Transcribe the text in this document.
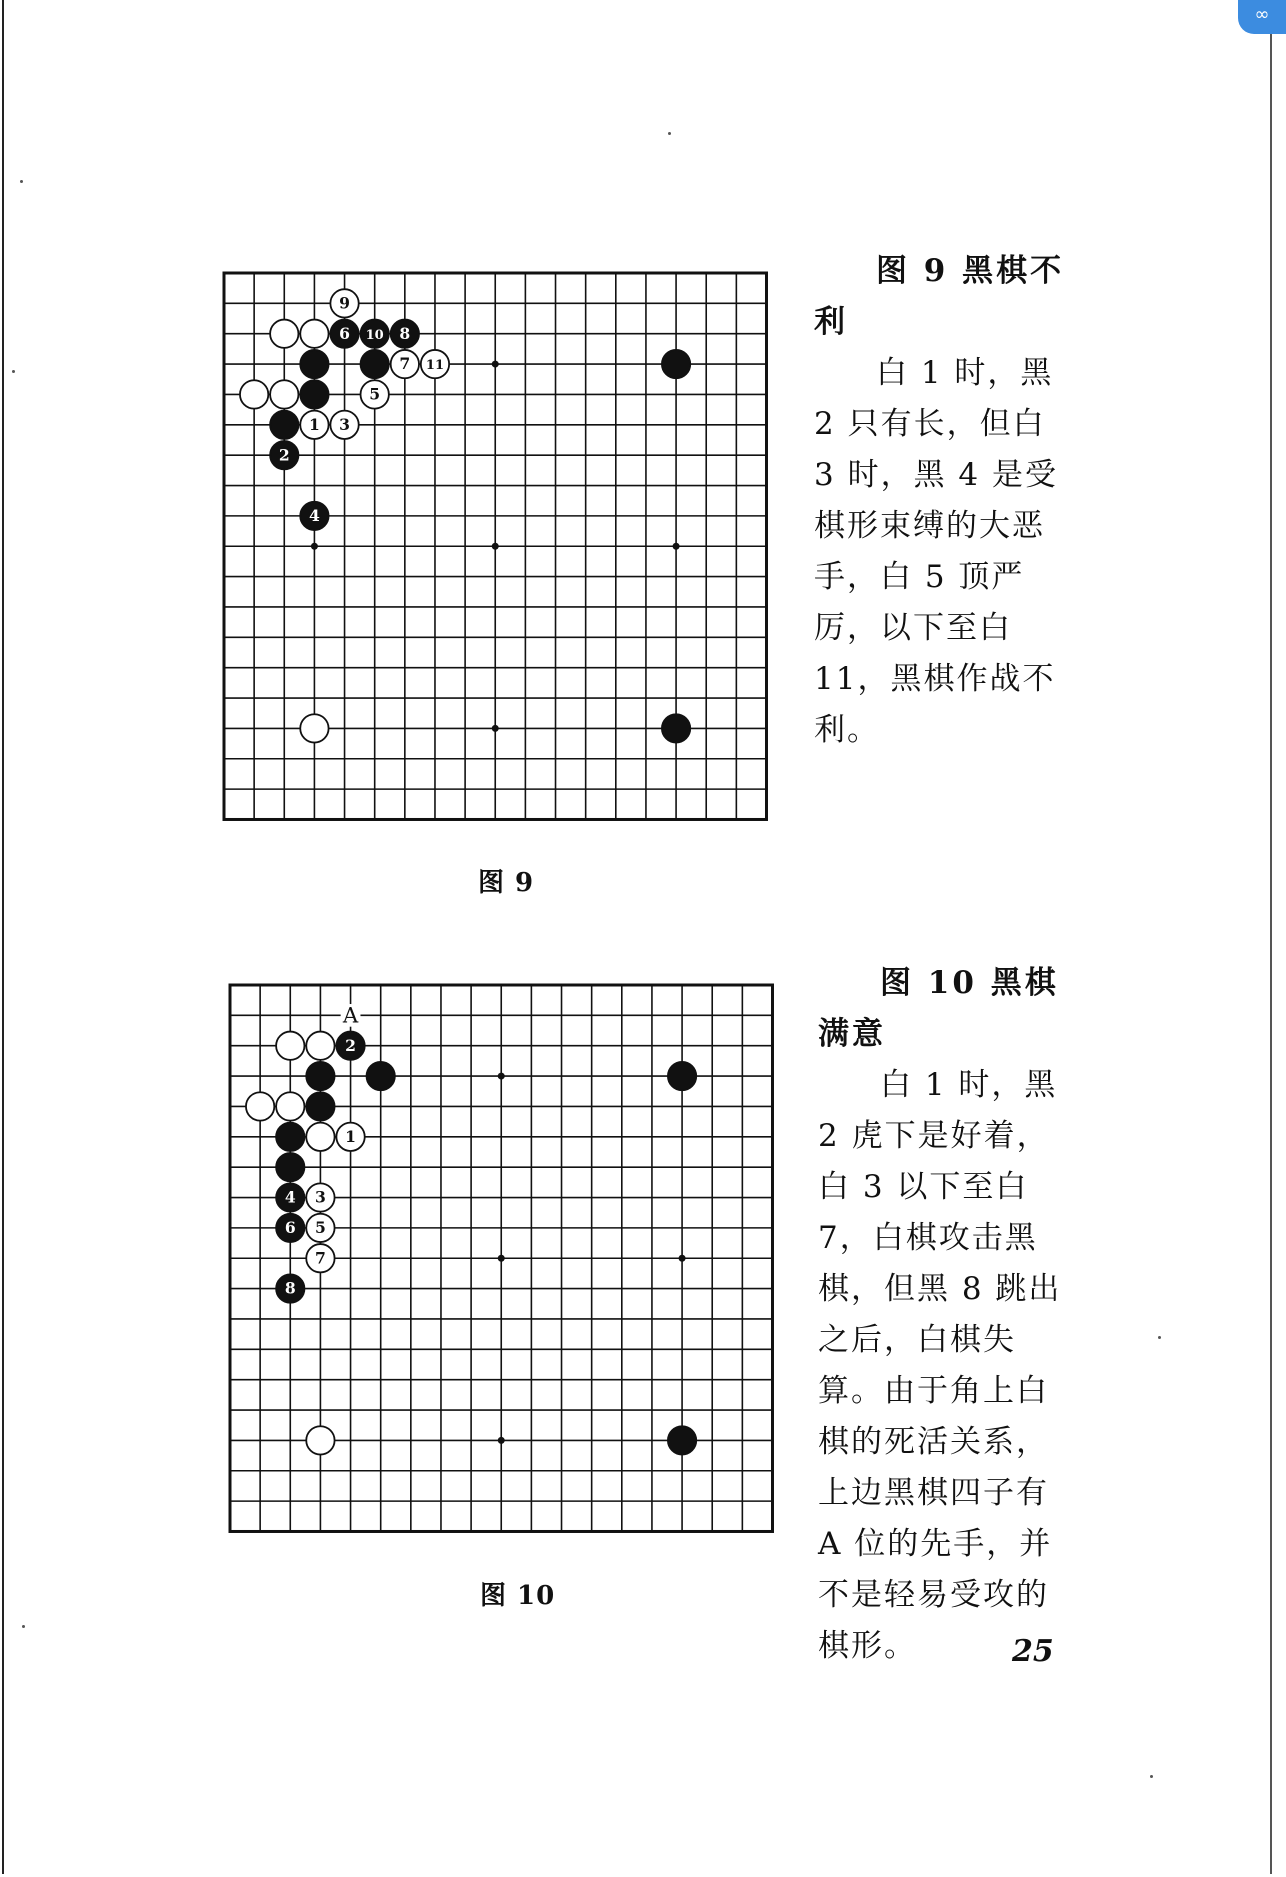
∞
6 10 8
9
7 11
5
1 3
2
4
图 9
图 9 黑棋不利

白 1 时，黑 2 只有长，但白 3 时，黑 4 是受棋形束缚的大恶手，白 5 顶严厉，以下至白 11，黑棋作战不利。

2
1
4 3
6 5
7
8
A
图 10
图 10 黑棋满意

白 1 时，黑 2 虎下是好着，白 3 以下至白 7，白棋攻击黑棋，但黑 8 跳出之后，白棋失算。由于角上白棋的死活关系，上边黑棋四子有 A 位的先手，并不是轻易受攻的棋形。	25
